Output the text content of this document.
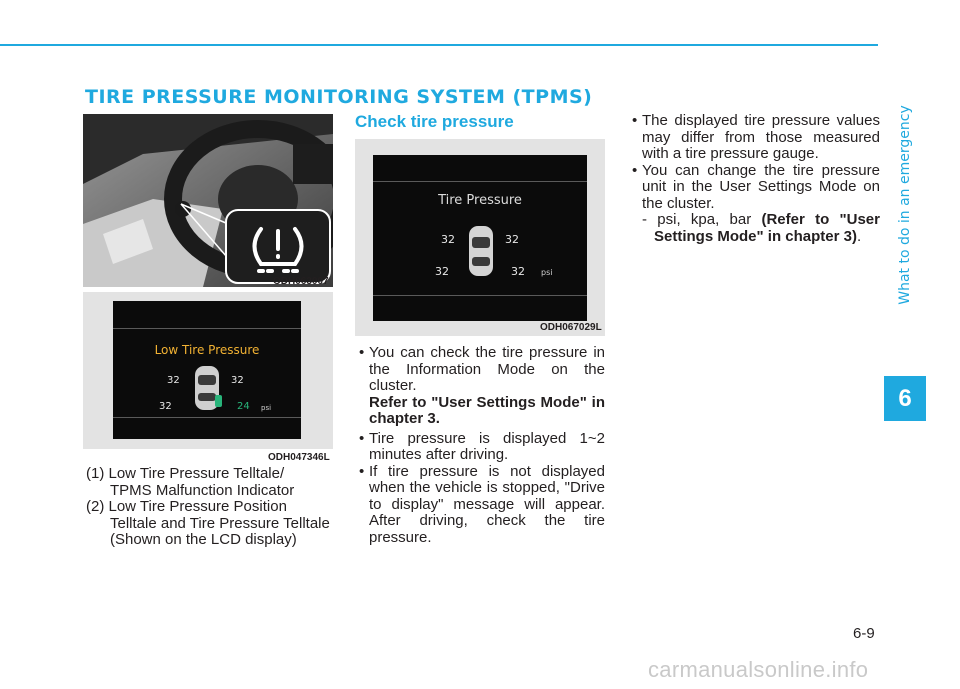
TIRE PRESSURE MONITORING SYSTEM (TPMS)
What to do in an emergency
6
ODH063007
Low Tire Pressure
32	32
32	24 psi
ODH047346L
Check tire pressure
Tire Pressure
32	32
32	32 psi
ODH067029L

(1) Low Tire Pressure Telltale/
TPMS Malfunction Indicator

(2) Low Tire Pressure Position
Telltale and Tire Pressure Telltale
(Shown on the LCD display)

• You can check the tire pressure in the Information Mode on the cluster.

Refer to "User Settings Mode" in chapter 3.

• Tire pressure is displayed 1~2 minutes after driving.

• If tire pressure is not displayed when the vehicle is stopped, "Drive to display" message will appear. After driving, check the tire pressure.

• The displayed tire pressure values may differ from those measured with a tire pressure gauge.

• You can change the tire pressure unit in the User Settings Mode on the cluster.

- psi, kpa, bar (Refer to "User Settings Mode" in chapter 3).

6-9
carmanualsonline.info
